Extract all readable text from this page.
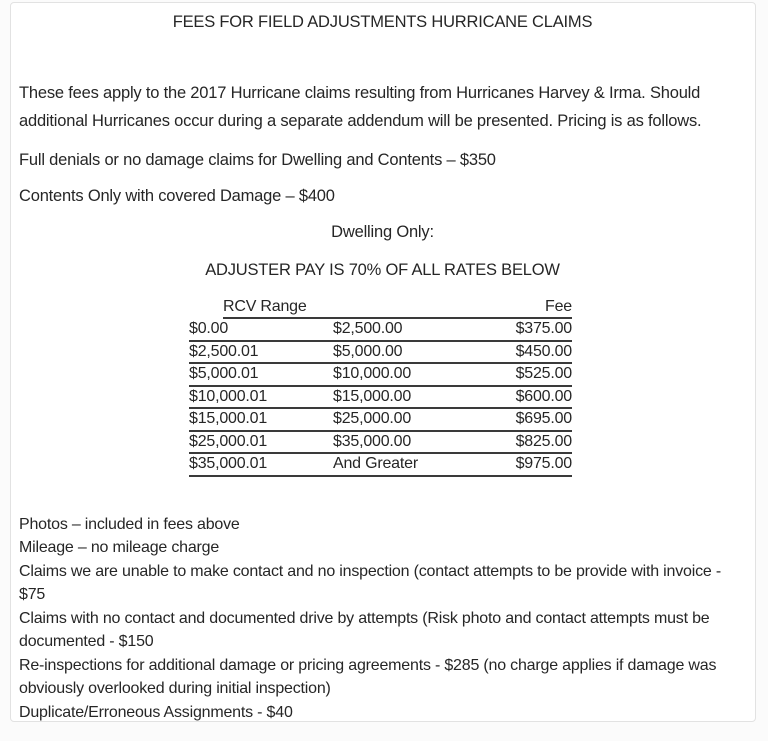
FEES FOR FIELD ADJUSTMENTS HURRICANE CLAIMS
These fees apply to the 2017 Hurricane claims resulting from Hurricanes Harvey & Irma. Should additional Hurricanes occur during a separate addendum will be presented. Pricing is as follows.
Full denials or no damage claims for Dwelling and Contents – $350
Contents Only with covered Damage – $400
Dwelling Only:
ADJUSTER PAY IS 70% OF ALL RATES BELOW
RCV Range	Fee
$0.00	$2,500.00	$375.00
$2,500.01	$5,000.00	$450.00
$5,000.01	$10,000.00	$525.00
$10,000.01	$15,000.00	$600.00
$15,000.01	$25,000.00	$695.00
$25,000.01	$35,000.00	$825.00
$35,000.01	And Greater	$975.00
Photos – included in fees above
Mileage – no mileage charge
Claims we are unable to make contact and no inspection (contact attempts to be provide with invoice - $75
Claims with no contact and documented drive by attempts (Risk photo and contact attempts must be documented - $150
Re-inspections for additional damage or pricing agreements - $285 (no charge applies if damage was obviously overlooked during initial inspection)
Duplicate/Erroneous Assignments - $40
